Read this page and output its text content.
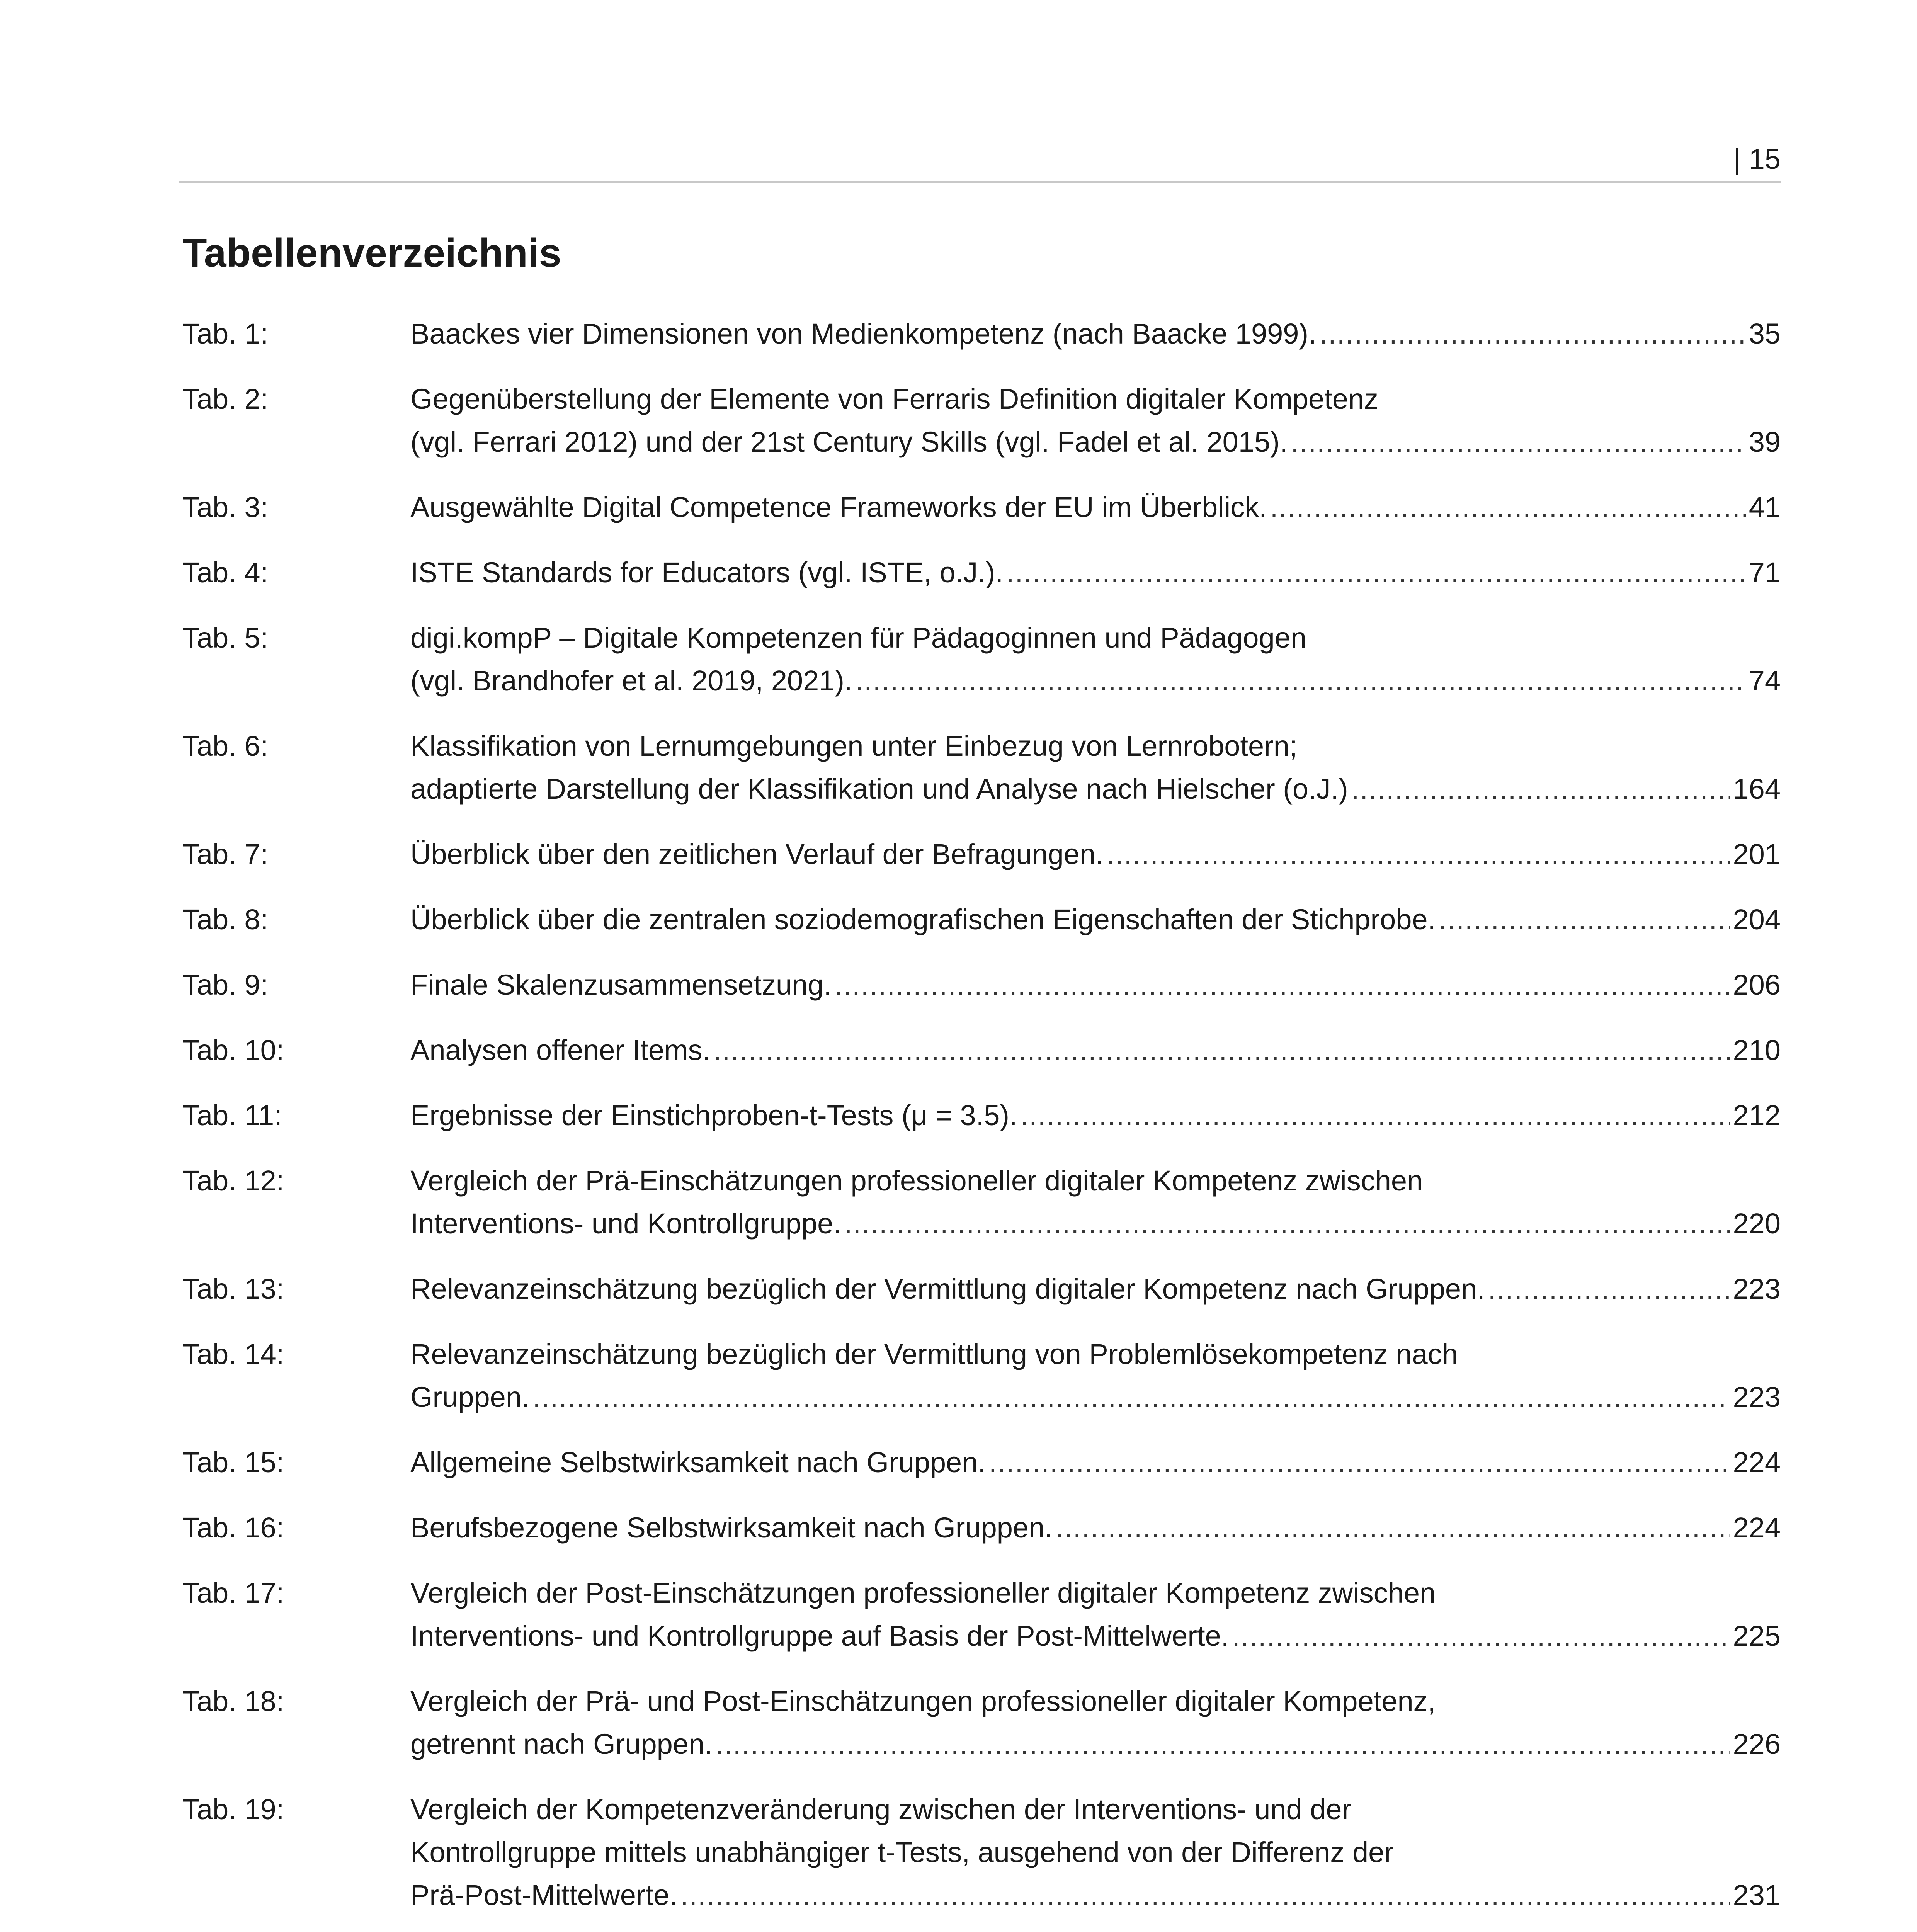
| 15
Tabellenverzeichnis
Tab. 1:	Baackes vier Dimensionen von Medienkompetenz (nach Baacke 1999). .....	35
Tab. 2:	Gegenüberstellung der Elemente von Ferraris Definition digitaler Kompetenz
(vgl. Ferrari 2012) und der 21st Century Skills (vgl. Fadel et al. 2015). .....	39
Tab. 3:	Ausgewählte Digital Competence Frameworks der EU im Überblick. .....	41
Tab. 4:	ISTE Standards for Educators (vgl. ISTE, o.J.). .....	71
Tab. 5:	digi.kompP – Digitale Kompetenzen für Pädagoginnen und Pädagogen
(vgl. Brandhofer et al. 2019, 2021). .....	74
Tab. 6:	Klassifikation von Lernumgebungen unter Einbezug von Lernrobotern;
adaptierte Darstellung der Klassifikation und Analyse nach Hielscher (o.J.) .....	164
Tab. 7:	Überblick über den zeitlichen Verlauf der Befragungen. .....	201
Tab. 8:	Überblick über die zentralen soziodemografischen Eigenschaften der Stichprobe. .....	204
Tab. 9:	Finale Skalenzusammensetzung. .....	206
Tab. 10:	Analysen offener Items. .....	210
Tab. 11:	Ergebnisse der Einstichproben-t-Tests (μ = 3.5). .....	212
Tab. 12:	Vergleich der Prä-Einschätzungen professioneller digitaler Kompetenz zwischen
Interventions- und Kontrollgruppe. .....	220
Tab. 13:	Relevanzeinschätzung bezüglich der Vermittlung digitaler Kompetenz nach Gruppen. .....	223
Tab. 14:	Relevanzeinschätzung bezüglich der Vermittlung von Problemlösekompetenz nach
Gruppen. .....	223
Tab. 15:	Allgemeine Selbstwirksamkeit nach Gruppen. .....	224
Tab. 16:	Berufsbezogene Selbstwirksamkeit nach Gruppen. .....	224
Tab. 17:	Vergleich der Post-Einschätzungen professioneller digitaler Kompetenz zwischen
Interventions- und Kontrollgruppe auf Basis der Post-Mittelwerte. .....	225
Tab. 18:	Vergleich der Prä- und Post-Einschätzungen professioneller digitaler Kompetenz,
getrennt nach Gruppen. .....	226
Tab. 19:	Vergleich der Kompetenzveränderung zwischen der Interventions- und der
Kontrollgruppe mittels unabhängiger t-Tests, ausgehend von der Differenz der
Prä-Post-Mittelwerte. .....	231
